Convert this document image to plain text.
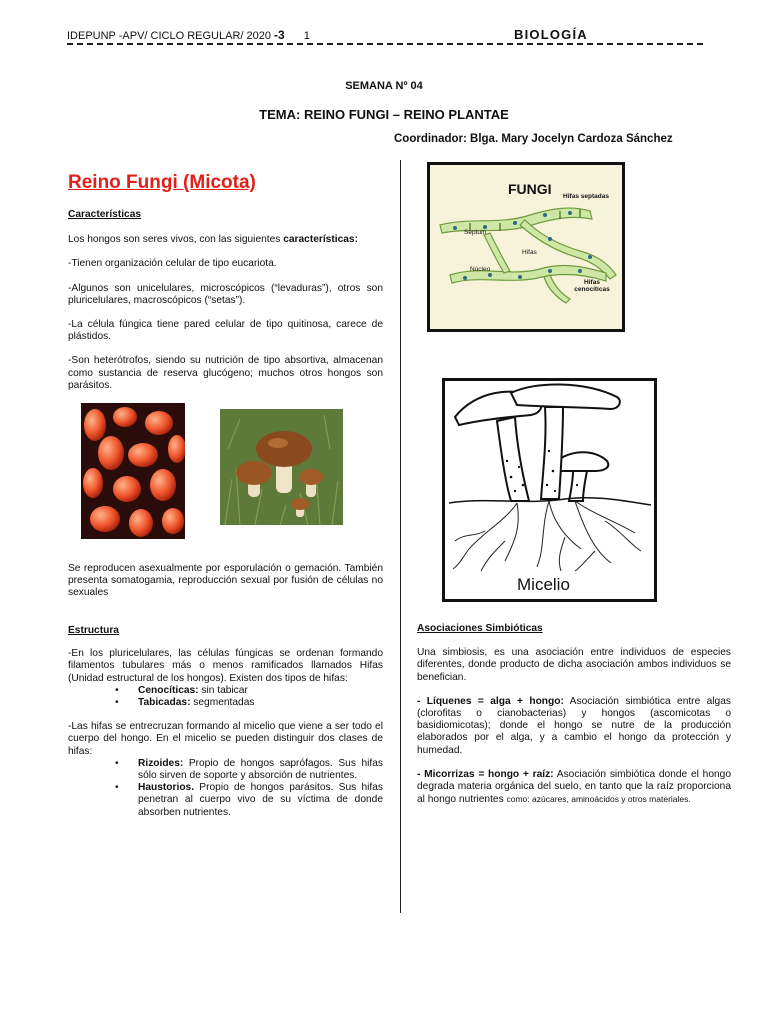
IDEPUNP -APV/ CICLO REGULAR/ 2020 -3 1	BIOLOGÍA
SEMANA Nº 04
TEMA: REINO FUNGI – REINO PLANTAE
Coordinador: Blga. Mary Jocelyn Cardoza Sánchez
Reino Fungi (Micota)
Características
Los hongos son seres vivos, con las siguientes características:
-Tienen organización celular de tipo eucariota.
-Algunos son unicelulares, microscópicos (“levaduras”), otros son pluricelulares, macroscópicos (“setas”).
-La célula fúngica tiene pared celular de tipo quitinosa, carece de plástidos.
-Son heterótrofos, siendo su nutrición de tipo absortiva, almacenan como sustancia de reserva glucógeno; muchos otros hongos son parásitos.
Se reproducen asexualmente por esporulación o gemación. También presenta somatogamia, reproducción sexual por fusión de células no sexuales
Estructura
-En los pluricelulares, las células fúngicas se ordenan formando filamentos tubulares más o menos ramificados llamados Hifas (Unidad estructural de los hongos). Existen dos tipos de hifas:
• Cenocíticas: sin tabicar
• Tabicadas: segmentadas
-Las hifas se entrecruzan formando al micelio que viene a ser todo el cuerpo del hongo. En el micelio se pueden distinguir dos clases de hifas:
• Rizoides: Propio de hongos saprófagos. Sus hifas sólo sirven de soporte y absorción de nutrientes.
• Haustorios. Propio de hongos parásitos. Sus hifas penetran al cuerpo vivo de su víctima de donde absorben nutrientes.
FUNGI	Hifas septadas
Septum
Hifas
Núcleo
Hifas cenocíticas
Micelio
Asociaciones Simbióticas
Una simbiosis, es una asociación entre individuos de especies diferentes, donde producto de dicha asociación ambos individuos se benefician.
- Líquenes = alga + hongo: Asociación simbiótica entre algas (clorofitas o cianobacterias) y hongos (ascomicotas o basidiomicotas); donde el hongo se nutre de la producción elaborados por el alga, y a cambio el hongo da protección y humedad.
- Micorrizas = hongo + raíz: Asociación simbiótica donde el hongo degrada materia orgánica del suelo, en tanto que la raíz proporciona al hongo nutrientes como: azúcares, aminoácidos y otros materiales.
